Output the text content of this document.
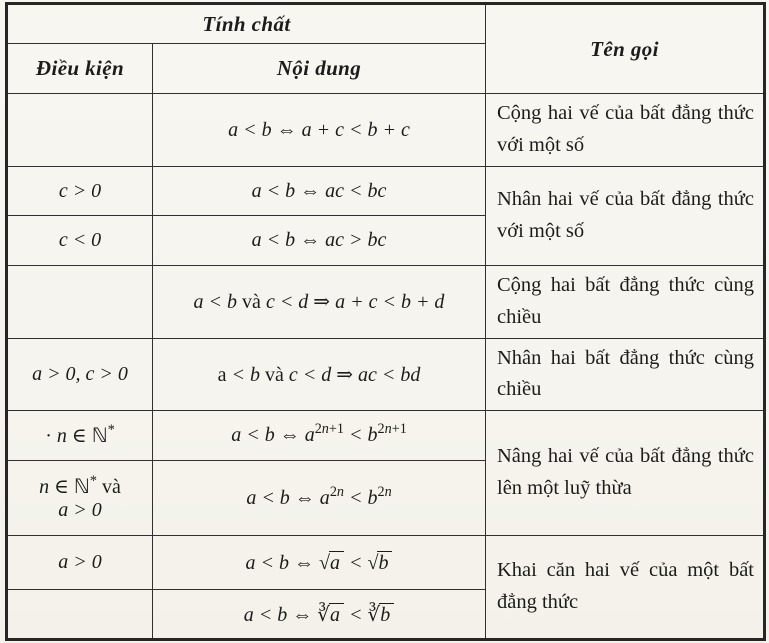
Tính chất		Tên gọi
Điều kiện	Nội dung	
	a < b ⇔ a + c < b + c	Cộng hai vế của bất đẳng thức với một số
c > 0	a < b ⇔ ac < bc	Nhân hai vế của bất đẳng thức với một số
c < 0	a < b ⇔ ac > bc	
	a < b và c < d ⇒ a + c < b + d	Cộng hai bất đẳng thức cùng chiều
a > 0, c > 0	a < b và c < d ⇒ ac < bd	Nhân hai bất đẳng thức cùng chiều
· n ∈ ℕ*	a < b ⇔ $a^{2n+1} < b^{2n+1}$	Nâng hai vế của bất đẳng thức lên một luỹ thừa
n ∈ ℕ* và
a > 0	a < b ⇔ $a^{2n} < b^{2n}$
a > 0	a < b ⇔ √a < √b	Khai căn hai vế của một bất đẳng thức
	a < b ⇔ ∛a < ∛b	
